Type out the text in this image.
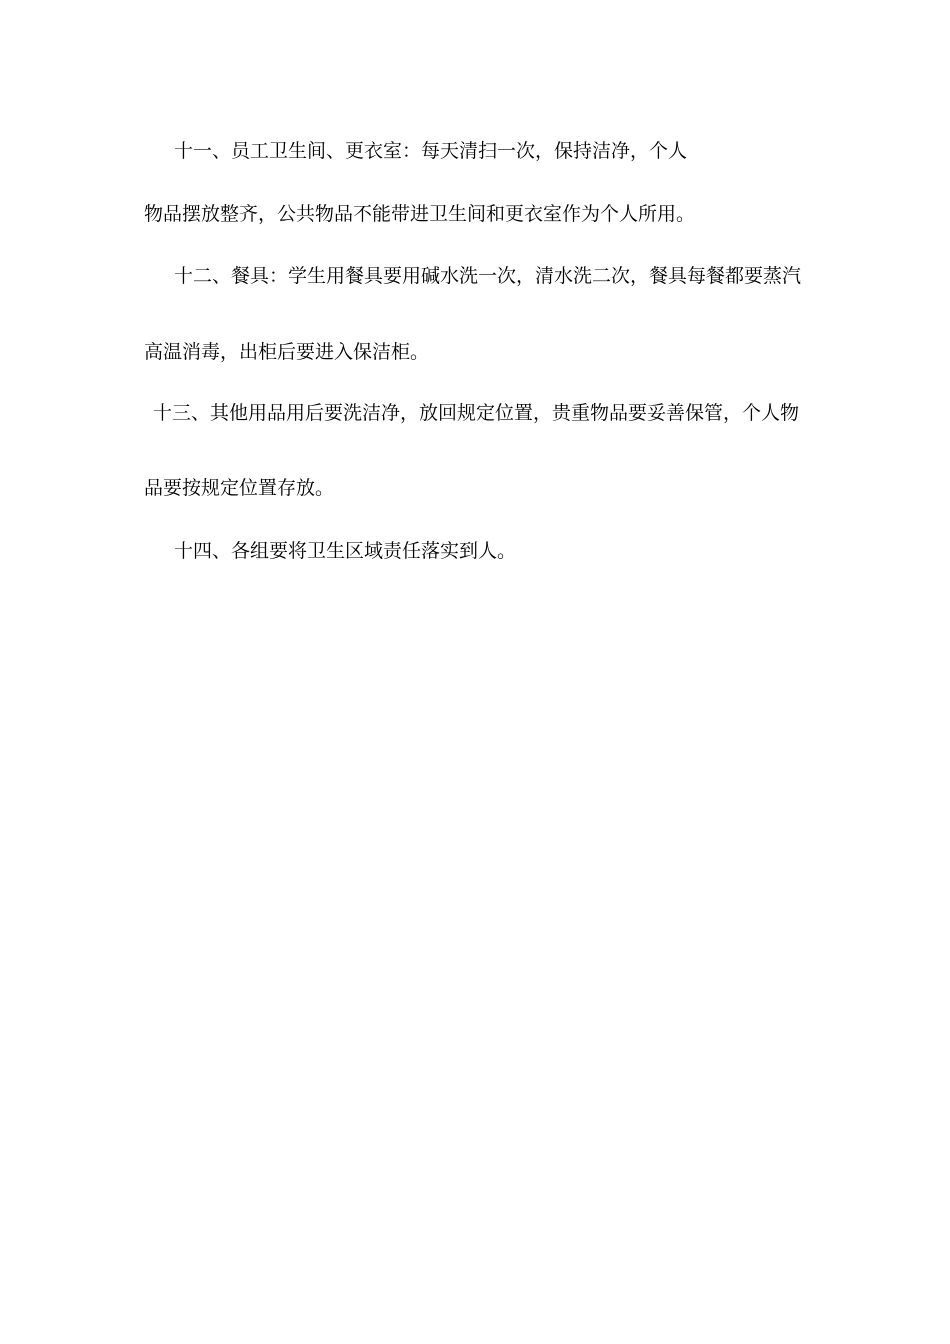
十一、员工卫生间、更衣室：每天清扫一次，保持洁净，个人
物品摆放整齐，公共物品不能带进卫生间和更衣室作为个人所用。
十二、餐具：学生用餐具要用碱水洗一次，清水洗二次，餐具每餐都要蒸汽
高温消毒，出柜后要进入保洁柜。
十三、其他用品用后要洗洁净，放回规定位置，贵重物品要妥善保管，个人物
品要按规定位置存放。
十四、各组要将卫生区域责任落实到人。
